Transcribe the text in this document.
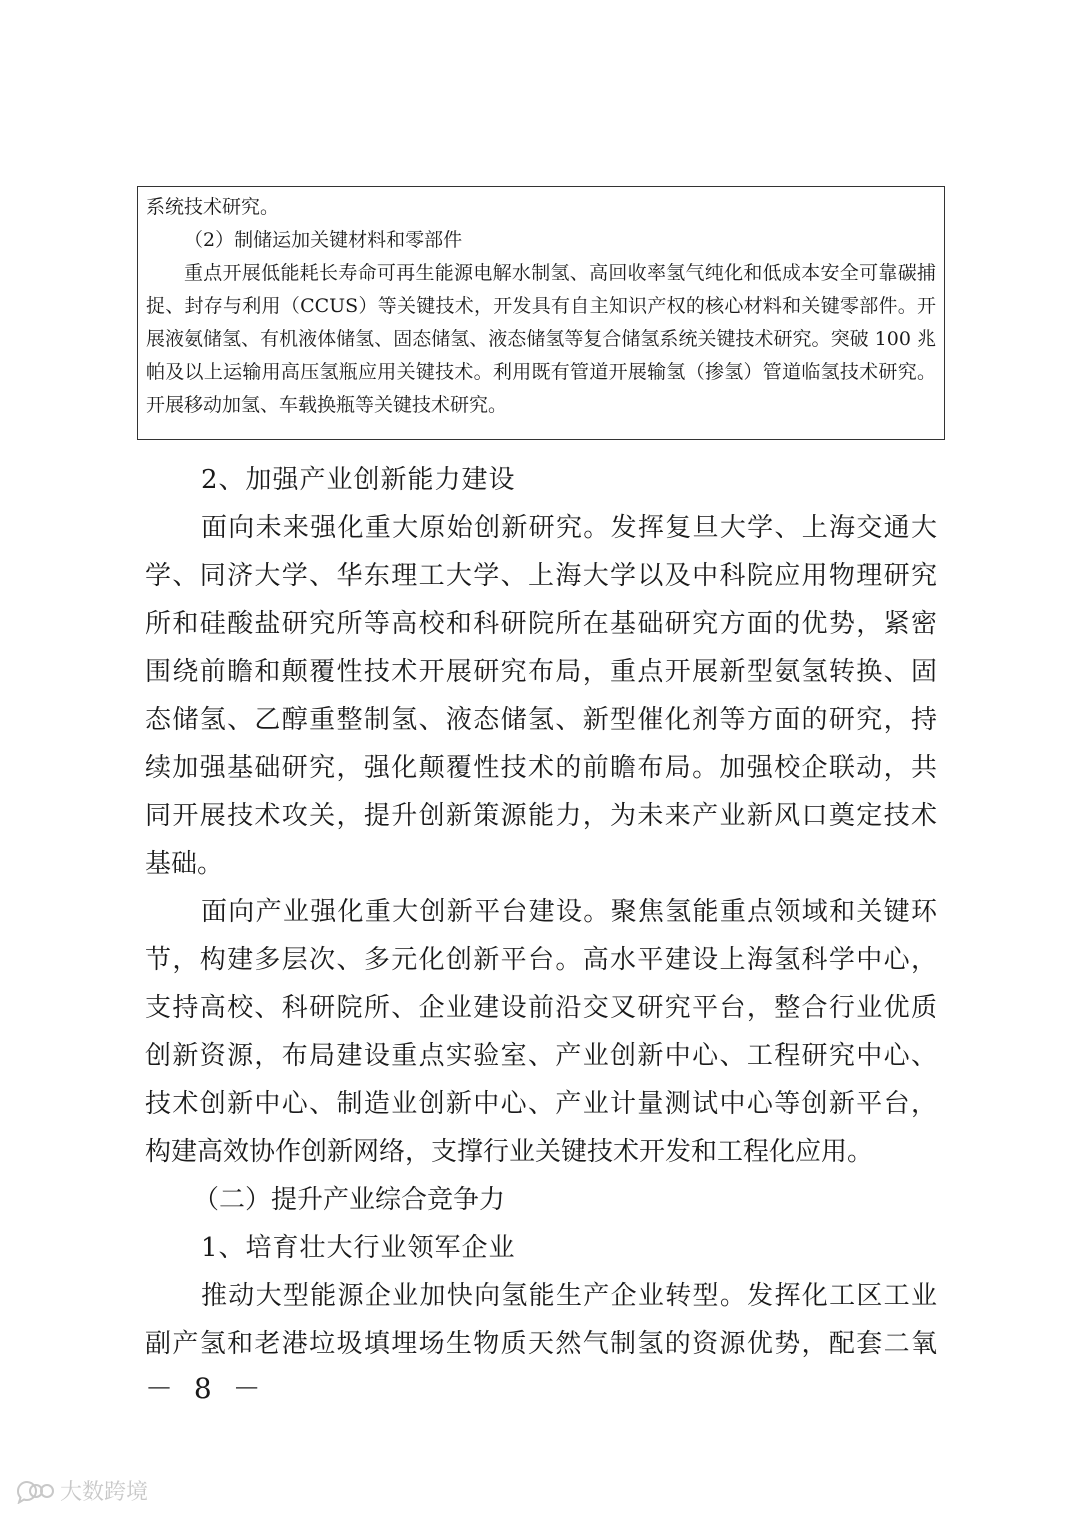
系统技术研究。

（2）制储运加关键材料和零部件

重点开展低能耗长寿命可再生能源电解水制氢、高回收率氢气纯化和低成本安全可靠碳捕捉、封存与利用（CCUS）等关键技术，开发具有自主知识产权的核心材料和关键零部件。开展液氨储氢、有机液体储氢、固态储氢、液态储氢等复合储氢系统关键技术研究。突破 100 兆帕及以上运输用高压氢瓶应用关键技术。利用既有管道开展输氢（掺氢）管道临氢技术研究。开展移动加氢、车载换瓶等关键技术研究。

2、加强产业创新能力建设
面向未来强化重大原始创新研究。发挥复旦大学、上海交通大
学、同济大学、华东理工大学、上海大学以及中科院应用物理研究
所和硅酸盐研究所等高校和科研院所在基础研究方面的优势，紧密
围绕前瞻和颠覆性技术开展研究布局，重点开展新型氨氢转换、固
态储氢、乙醇重整制氢、液态储氢、新型催化剂等方面的研究，持
续加强基础研究，强化颠覆性技术的前瞻布局。加强校企联动，共
同开展技术攻关，提升创新策源能力，为未来产业新风口奠定技术
基础。
面向产业强化重大创新平台建设。聚焦氢能重点领域和关键环
节，构建多层次、多元化创新平台。高水平建设上海氢科学中心，
支持高校、科研院所、企业建设前沿交叉研究平台，整合行业优质
创新资源，布局建设重点实验室、产业创新中心、工程研究中心、
技术创新中心、制造业创新中心、产业计量测试中心等创新平台，
构建高效协作创新网络，支撑行业关键技术开发和工程化应用。
（二）提升产业综合竞争力
1、培育壮大行业领军企业
推动大型能源企业加快向氢能生产企业转型。发挥化工区工业
副产氢和老港垃圾填埋场生物质天然气制氢的资源优势，配套二氧
－ 8 －
大数跨境
